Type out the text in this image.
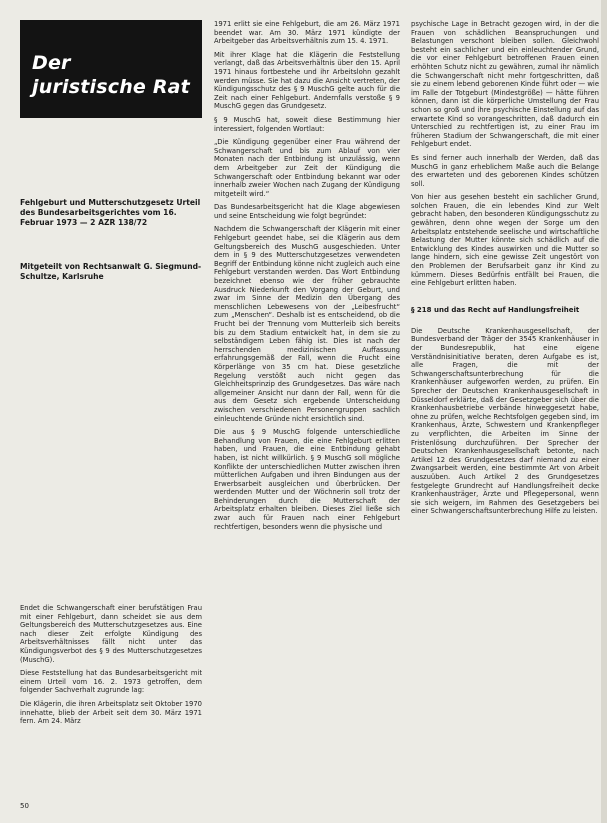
Der
juristische Rat
Fehlgeburt und Mutterschutzgesetz Urteil des Bundesarbeitsgerichtes vom 16. Februar 1973 — 2 AZR 138/72
Mitgeteilt von Rechtsanwalt G. Siegmund-Schultze, Karlsruhe

Endet die Schwangerschaft einer berufstätigen Frau mit einer Fehlgeburt, dann scheidet sie aus dem Geltungsbereich des Mutterschutzgesetzes aus. Eine nach dieser Zeit erfolgte Kündigung des Arbeitsverhältnisses fällt nicht unter das Kündigungsverbot des § 9 des Mutterschutzgesetzes (MuschG).

Diese Feststellung hat das Bundesarbeitsgericht mit einem Urteil vom 16. 2. 1973 getroffen, dem folgender Sachverhalt zugrunde lag:

Die Klägerin, die ihren Arbeitsplatz seit Oktober 1970 innehatte, blieb der Arbeit seit dem 30. März 1971 fern. Am 24. März

1971 erlitt sie eine Fehlgeburt, die am 26. März 1971 beendet war. Am 30. März 1971 kündigte der Arbeitgeber das Arbeitsverhältnis zum 15. 4. 1971.

Mit ihrer Klage hat die Klägerin die Feststellung verlangt, daß das Arbeitsverhältnis über den 15. April 1971 hinaus fortbestehe und ihr Arbeitslohn gezahlt werden müsse. Sie hat dazu die Ansicht vertreten, der Kündigungsschutz des § 9 MuschG gelte auch für die Zeit nach einer Fehlgeburt. Andernfalls verstoße § 9 MuschG gegen das Grundgesetz.

§ 9 MuschG hat, soweit diese Bestimmung hier interessiert, folgenden Wortlaut:

„Die Kündigung gegenüber einer Frau während der Schwangerschaft und bis zum Ablauf von vier Monaten nach der Entbindung ist unzulässig, wenn dem Arbeitgeber zur Zeit der Kündigung die Schwangerschaft oder Entbindung bekannt war oder innerhalb zweier Wochen nach Zugang der Kündigung mitgeteilt wird.“

Das Bundesarbeitsgericht hat die Klage abgewiesen und seine Entscheidung wie folgt begründet:

Nachdem die Schwangerschaft der Klägerin mit einer Fehlgeburt geendet habe, sei die Klägerin aus dem Geltungsbereich des MuschG ausgeschieden. Unter dem in § 9 des Mutterschutzgesetzes verwendeten Begriff der Entbindung könne nicht zugleich auch eine Fehlgeburt verstanden werden. Das Wort Entbindung bezeichnet ebenso wie der früher gebrauchte Ausdruck Niederkunft den Vorgang der Geburt, und zwar im Sinne der Medizin den Übergang des menschlichen Lebewesens von der „Leibesfrucht“ zum „Menschen“. Deshalb ist es entscheidend, ob die Frucht bei der Trennung vom Mutterleib sich bereits bis zu dem Stadium entwickelt hat, in dem sie zu selbständigem Leben fähig ist. Dies ist nach der herrschenden medizinischen Auffassung erfahrungsgemäß der Fall, wenn die Frucht eine Körperlänge von 35 cm hat. Diese gesetzliche Regelung verstößt auch nicht gegen das Gleichheitsprinzip des Grundgesetzes. Das wäre nach allgemeiner Ansicht nur dann der Fall, wenn für die aus dem Gesetz sich ergebende Unterscheidung zwischen verschiedenen Personengruppen sachlich einleuchtende Gründe nicht ersichtlich sind.

Die aus § 9 MuschG folgende unterschiedliche Behandlung von Frauen, die eine Fehlgeburt erlitten haben, und Frauen, die eine Entbindung gehabt haben, ist nicht willkürlich. § 9 MuschG soll mögliche Konflikte der unterschiedlichen Mutter zwischen ihren mütterlichen Aufgaben und ihren Bindungen aus der Erwerbsarbeit ausgleichen und überbrücken. Der werdenden Mutter und der Wöchnerin soll trotz der Behinderungen durch die Mutterschaft der Arbeitsplatz erhalten bleiben. Dieses Ziel ließe sich zwar auch für Frauen nach einer Fehlgeburt rechtfertigen, besonders wenn die physische und

psychische Lage in Betracht gezogen wird, in der die Frauen von schädlichen Beanspruchungen und Belastungen verschont bleiben sollen. Gleichwohl besteht ein sachlicher und ein einleuchtender Grund, die vor einer Fehlgeburt betroffenen Frauen einen erhöhten Schutz nicht zu gewähren, zumal ihr nämlich die Schwangerschaft nicht mehr fortgeschritten, daß sie zu einem lebend geborenen Kinde führt oder — wie im Falle der Totgeburt (Mindestgröße) — hätte führen können, dann ist die körperliche Umstellung der Frau schon so groß und ihre psychische Einstellung auf das erwartete Kind so vorangeschritten, daß dadurch ein Unterschied zu rechtfertigen ist, zu einer Frau im früheren Stadium der Schwangerschaft, die mit einer Fehlgeburt endet.

Es sind ferner auch innerhalb der Werden, daß das MuschG in ganz erheblichem Maße auch die Belange des erwarteten und des geborenen Kindes schützen soll.

Von hier aus gesehen besteht ein sachlicher Grund, solchen Frauen, die ein lebendes Kind zur Welt gebracht haben, den besonderen Kündigungsschutz zu gewähren, denn ohne wegen der Sorge um den Arbeitsplatz entstehende seelische und wirtschaftliche Belastung der Mutter könnte sich schädlich auf die Entwicklung des Kindes auswirken und die Mutter so lange hindern, sich eine gewisse Zeit ungestört von den Problemen der Berufsarbeit ganz ihr Kind zu kümmern. Dieses Bedürfnis entfällt bei Frauen, die eine Fehlgeburt erlitten haben.

§ 218 und das Recht auf Handlungsfreiheit

Die Deutsche Krankenhausgesellschaft, der Bundesverband der Träger der 3545 Krankenhäuser in der Bundesrepublik, hat eine eigene Verständnisinitiative beraten, deren Aufgabe es ist, alle Fragen, die mit der Schwangerschaftsunterbrechung für die Krankenhäuser aufgeworfen werden, zu prüfen. Ein Sprecher der Deutschen Krankenhausgesellschaft in Düsseldorf erklärte, daß der Gesetzgeber sich über die Krankenhausbetriebe verbände hinweggesetzt habe, ohne zu prüfen, welche Rechtsfolgen gegeben sind, im Krankenhaus, Ärzte, Schwestern und Krankenpfleger zu verpflichten, die Arbeiten im Sinne der Fristenlösung durchzuführen. Der Sprecher der Deutschen Krankenhausgesellschaft betonte, nach Artikel 12 des Grundgesetzes darf niemand zu einer Zwangsarbeit werden, eine bestimmte Art von Arbeit auszuüben. Auch Artikel 2 des Grundgesetzes festgelegte Grundrecht auf Handlungsfreiheit decke Krankenhausträger, Ärzte und Pflegepersonal, wenn sie sich weigern, im Rahmen des Gesetzgebers bei einer Schwangerschaftsunterbrechung Hilfe zu leisten.

50
